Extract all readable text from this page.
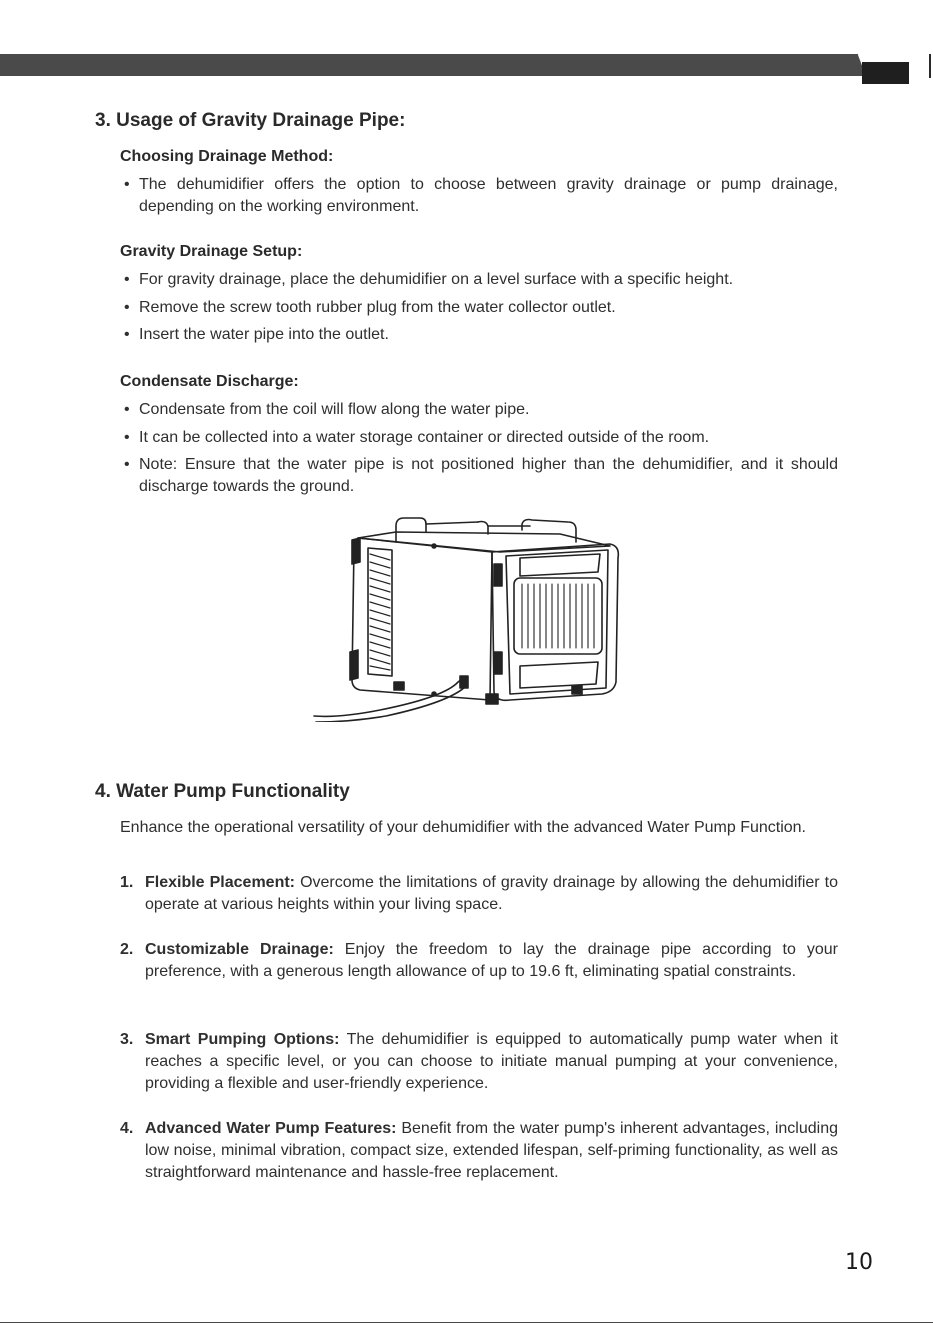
3. Usage of Gravity Drainage Pipe:
Choosing Drainage Method:
• The dehumidifier offers the option to choose between gravity drainage or pump drainage, depending on the working environment.
Gravity Drainage Setup:
• For gravity drainage, place the dehumidifier on a level surface with a specific height.
• Remove the screw tooth rubber plug from the water collector outlet.
• Insert the water pipe into the outlet.
Condensate Discharge:
• Condensate from the coil will flow along the water pipe.
• It can be collected into a water storage container or directed outside of the room.
• Note: Ensure that the water pipe is not positioned higher than the dehumidifier, and it should discharge towards the ground.
4. Water Pump Functionality
Enhance the operational versatility of your dehumidifier with the advanced Water Pump Function.
1. Flexible Placement: Overcome the limitations of gravity drainage by allowing the dehumidifier to operate at various heights within your living space.
2. Customizable Drainage: Enjoy the freedom to lay the drainage pipe according to your preference, with a generous length allowance of up to 19.6 ft, eliminating spatial constraints.
3. Smart Pumping Options: The dehumidifier is equipped to automatically pump water when it reaches a specific level, or you can choose to initiate manual pumping at your convenience, providing a flexible and user-friendly experience.
4. Advanced Water Pump Features: Benefit from the water pump's inherent advantages, including low noise, minimal vibration, compact size, extended lifespan, self-priming functionality, as well as straightforward maintenance and hassle-free replacement.
10
